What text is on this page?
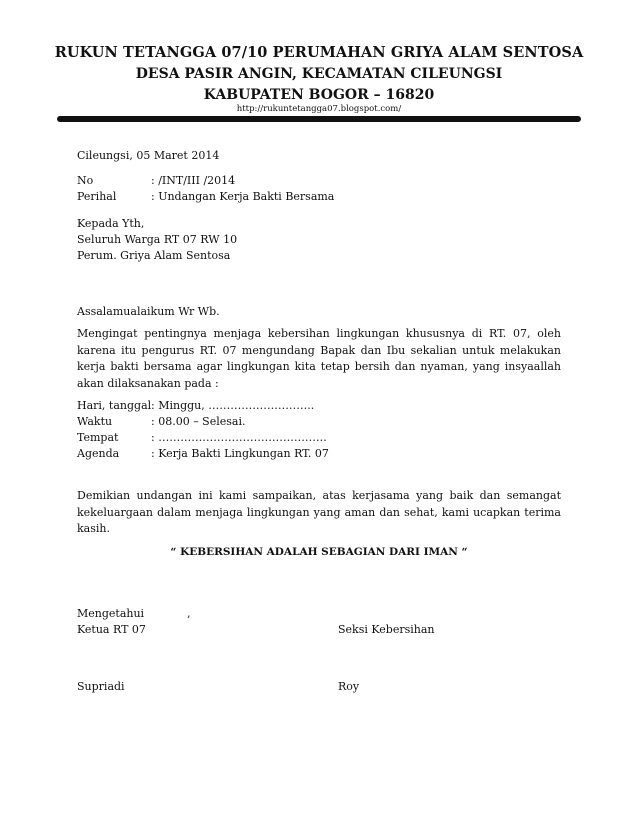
RUKUN TETANGGA 07/10 PERUMAHAN GRIYA ALAM SENTOSA
DESA PASIR ANGIN, KECAMATAN CILEUNGSI
KABUPATEN BOGOR – 16820
http://rukuntetangga07.blogspot.com/
Cileungsi, 05 Maret 2014
No	: /INT/III /2014
Perihal	: Undangan Kerja Bakti Bersama
Kepada Yth,
Seluruh Warga RT 07 RW 10
Perum. Griya Alam Sentosa
Assalamualaikum Wr Wb.
Mengingat pentingnya menjaga kebersihan lingkungan khususnya di RT. 07, oleh karena itu pengurus RT. 07 mengundang Bapak dan Ibu sekalian untuk melakukan kerja bakti bersama agar lingkungan kita tetap bersih dan nyaman, yang insyaallah akan dilaksanakan pada :
Hari, tanggal: Minggu, ………………………..
Waktu	: 08.00 – Selesai.
Tempat	: ……………………………………….
Agenda	: Kerja Bakti Lingkungan RT. 07
Demikian undangan ini kami sampaikan, atas kerjasama yang baik dan semangat kekeluargaan dalam menjaga lingkungan yang aman dan sehat, kami ucapkan terima kasih.
“ KEBERSIHAN ADALAH SEBAGIAN DARI IMAN “
Mengetahui	,
Ketua RT 07	Seksi Kebersihan
Supriadi	Roy
